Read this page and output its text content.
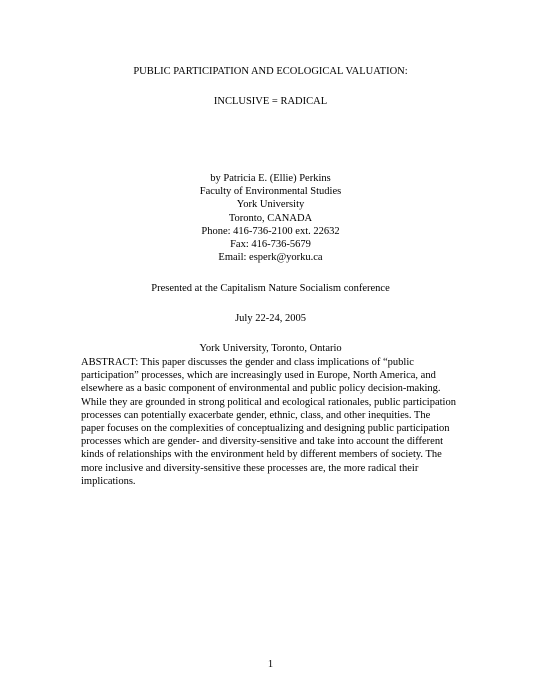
PUBLIC PARTICIPATION AND ECOLOGICAL VALUATION:
INCLUSIVE = RADICAL
by Patricia E. (Ellie) Perkins
Faculty of Environmental Studies
York University
Toronto, CANADA
Phone: 416-736-2100 ext. 22632
Fax: 416-736-5679
Email: esperk@yorku.ca
Presented at the Capitalism Nature Socialism conference
July 22-24, 2005
York University, Toronto, Ontario
ABSTRACT: This paper discusses the gender and class implications of “public
participation” processes, which are increasingly used in Europe, North America, and
elsewhere as a basic component of environmental and public policy decision-making.
While they are grounded in strong political and ecological rationales, public participation
processes can potentially exacerbate gender, ethnic, class, and other inequities. The
paper focuses on the complexities of conceptualizing and designing public participation
processes which are gender- and diversity-sensitive and take into account the different
kinds of relationships with the environment held by different members of society. The
more inclusive and diversity-sensitive these processes are, the more radical their
implications.
1
